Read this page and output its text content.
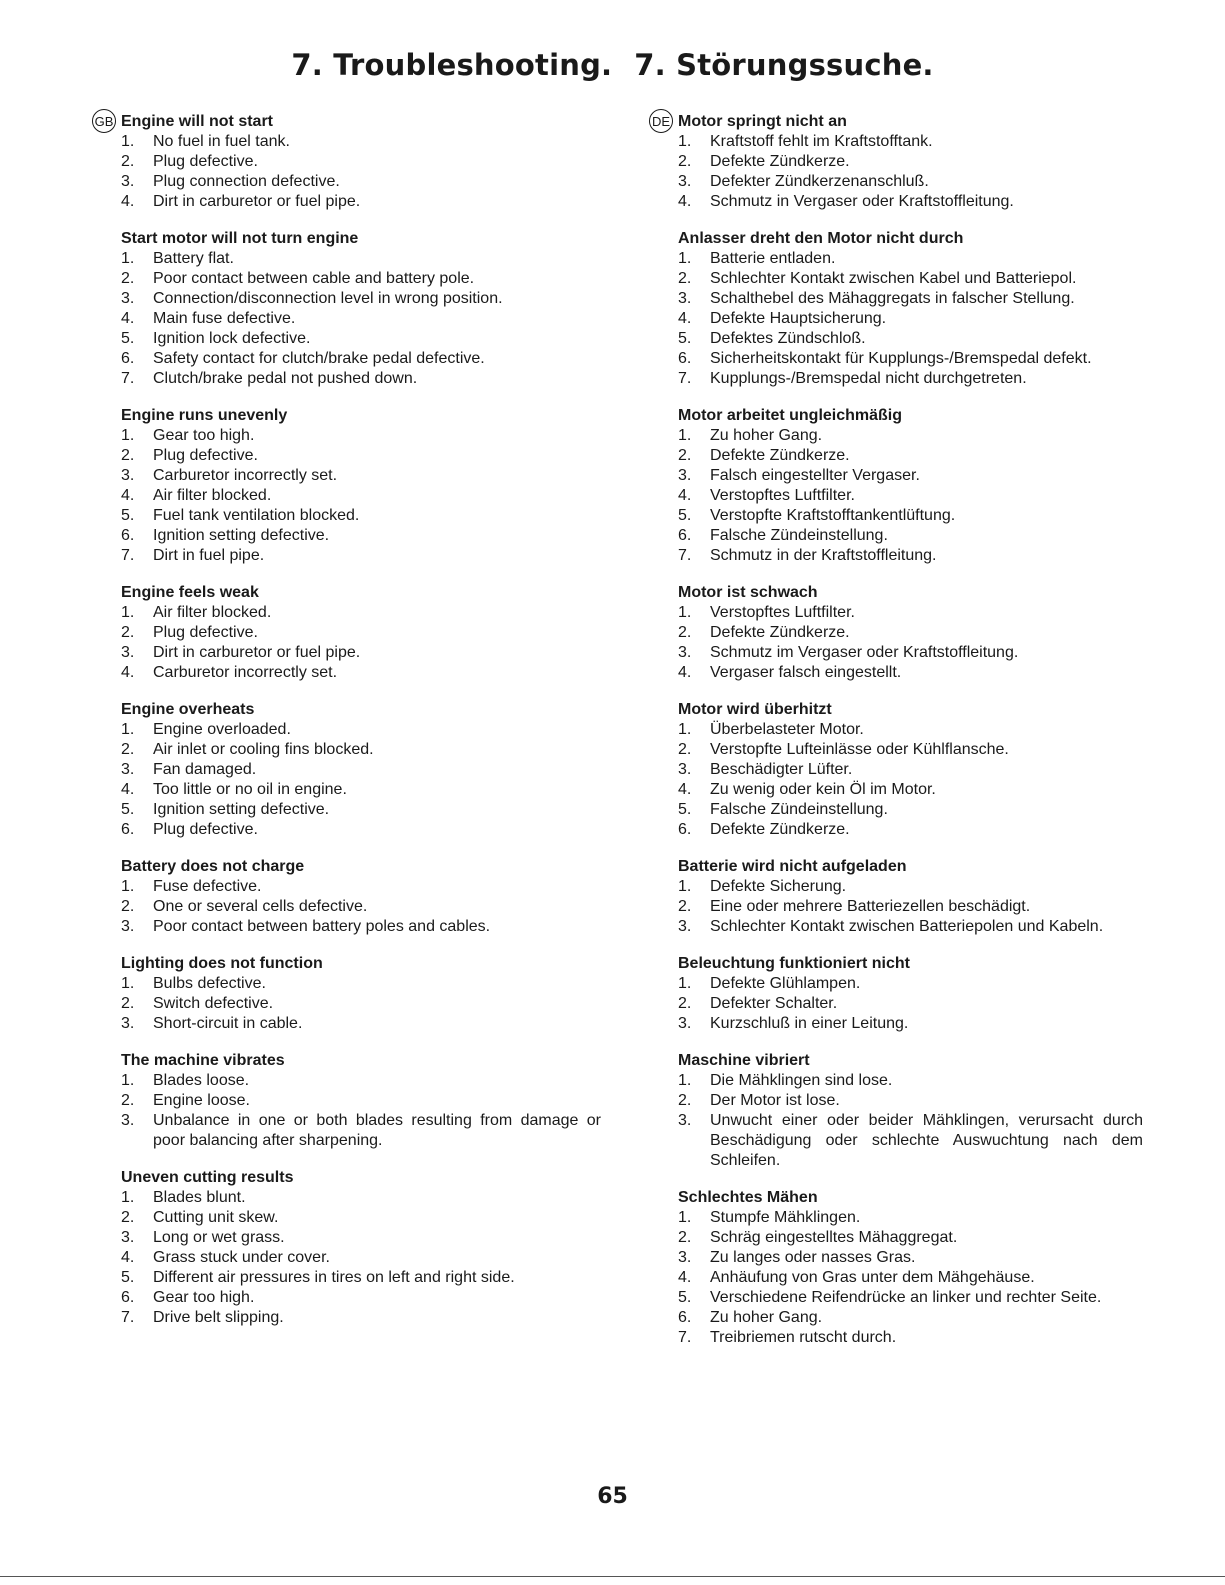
7. Troubleshooting. 7. Störungssuche.
GB Engine will not start
1. No fuel in fuel tank.
2. Plug defective.
3. Plug connection defective.
4. Dirt in carburetor or fuel pipe.
Start motor will not turn engine
1. Battery flat.
2. Poor contact between cable and battery pole.
3. Connection/disconnection level in wrong position.
4. Main fuse defective.
5. Ignition lock defective.
6. Safety contact for clutch/brake pedal defective.
7. Clutch/brake pedal not pushed down.
Engine runs unevenly
1. Gear too high.
2. Plug defective.
3. Carburetor incorrectly set.
4. Air filter blocked.
5. Fuel tank ventilation blocked.
6. Ignition setting defective.
7. Dirt in fuel pipe.
Engine feels weak
1. Air filter blocked.
2. Plug defective.
3. Dirt in carburetor or fuel pipe.
4. Carburetor incorrectly set.
Engine overheats
1. Engine overloaded.
2. Air inlet or cooling fins blocked.
3. Fan damaged.
4. Too little or no oil in engine.
5. Ignition setting defective.
6. Plug defective.
Battery does not charge
1. Fuse defective.
2. One or several cells defective.
3. Poor contact between battery poles and cables.
Lighting does not function
1. Bulbs defective.
2. Switch defective.
3. Short-circuit in cable.
The machine vibrates
1. Blades loose.
2. Engine loose.
3. Unbalance in one or both blades resulting from damage or poor balancing after sharpening.
Uneven cutting results
1. Blades blunt.
2. Cutting unit skew.
3. Long or wet grass.
4. Grass stuck under cover.
5. Different air pressures in tires on left and right side.
6. Gear too high.
7. Drive belt slipping.
DE Motor springt nicht an
1. Kraftstoff fehlt im Kraftstofftank.
2. Defekte Zündkerze.
3. Defekter Zündkerzenanschluß.
4. Schmutz in Vergaser oder Kraftstoffleitung.
Anlasser dreht den Motor nicht durch
1. Batterie entladen.
2. Schlechter Kontakt zwischen Kabel und Batteriepol.
3. Schalthebel des Mähaggregats in falscher Stellung.
4. Defekte Hauptsicherung.
5. Defektes Zündschloß.
6. Sicherheitskontakt für Kupplungs-/Bremspedal defekt.
7. Kupplungs-/Bremspedal nicht durchgetreten.
Motor arbeitet ungleichmäßig
1. Zu hoher Gang.
2. Defekte Zündkerze.
3. Falsch eingestellter Vergaser.
4. Verstopftes Luftfilter.
5. Verstopfte Kraftstofftankentlüftung.
6. Falsche Zündeinstellung.
7. Schmutz in der Kraftstoffleitung.
Motor ist schwach
1. Verstopftes Luftfilter.
2. Defekte Zündkerze.
3. Schmutz im Vergaser oder Kraftstoffleitung.
4. Vergaser falsch eingestellt.
Motor wird überhitzt
1. Überbelasteter Motor.
2. Verstopfte Lufteinlässe oder Kühlflansche.
3. Beschädigter Lüfter.
4. Zu wenig oder kein Öl im Motor.
5. Falsche Zündeinstellung.
6. Defekte Zündkerze.
Batterie wird nicht aufgeladen
1. Defekte Sicherung.
2. Eine oder mehrere Batteriezellen beschädigt.
3. Schlechter Kontakt zwischen Batteriepolen und Kabeln.
Beleuchtung funktioniert nicht
1. Defekte Glühlampen.
2. Defekter Schalter.
3. Kurzschluß in einer Leitung.
Maschine vibriert
1. Die Mähklingen sind lose.
2. Der Motor ist lose.
3. Unwucht einer oder beider Mähklingen, verursacht durch Beschädigung oder schlechte Auswuchtung nach dem Schleifen.
Schlechtes Mähen
1. Stumpfe Mähklingen.
2. Schräg eingestelltes Mähaggregat.
3. Zu langes oder nasses Gras.
4. Anhäufung von Gras unter dem Mähgehäuse.
5. Verschiedene Reifendrücke an linker und rechter Seite.
6. Zu hoher Gang.
7. Treibriemen rutscht durch.
65
